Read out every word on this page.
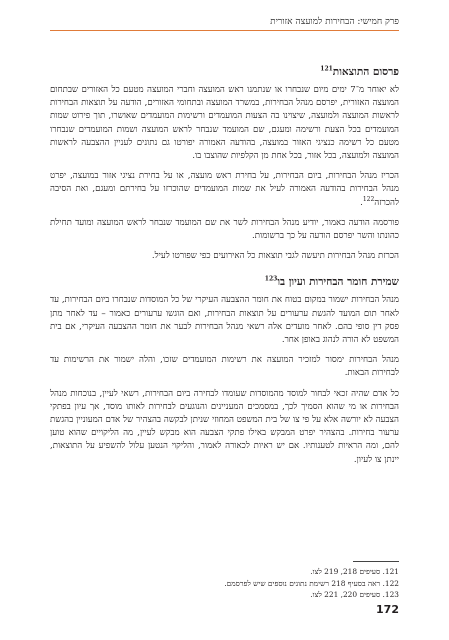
פרק חמישי: הבחירות למועצה אזורית
פרסום התוצאות$^{121}$

לא יאוחר מ־7 ימים מיום שנבחרו או שנתמנו ראש המועצה וחברי המועצה מטעם כל האזורים שבתחום המועצה האזורית, יפרסם מנהל הבחירות, במשרד המועצה ובתחומי האזורים, הודעה על תוצאות הבחירות לראשות המועצה ולמועצה, שיצוינו בה הצעות המועמדים ורשימות המועמדים שאושרו, תוך פירוט שמות המועמדים בכל הצעת ורשימה ומעגם, שם המועמד שנבחר לראש המועצה ושמות המועמדים שנבחרו מטעם כל רשימה כנציגי האזור במועצה, בהודעה האמורה יפורטו גם נתונים לעניין ההצבעה לראשות המועצה ולמועצה, בכל אזור, בכל אחת מן הקלפיות שהוצבו בו.

הכריז מנהל הבחירות, ביום הבחירות, על בחירת ראש מועצה, או על בחירת נציגי אזור במועצה, יפרט מנהל הבחירות בהודעה האמורה לעיל את שמות המועמדים שהוכרזו על בחירתם ומעגם, ואת הסיבה להכרזה$^{122}$.

פורסמה הודעה כאמור, יודיע מנהל הבחירות לשר את שם המועמד שנבחר לראש המועצה ומועד תחילת כהונתו והשר יפרסם הודעה על כך ברשומות.

הכרזת מנהל הבחירות תיעשה לגבי תוצאות כל האירועים כפי שפורטו לעיל.

שמירת חומר הבחירות ועיון בו$^{123}$

מנהל הבחירות ישמור במקום בטוח את חומר ההצבעה העיקרי של כל המוסדות שנבחרו ביום הבחירות, עד לאחר תום המועד להגשת ערעורים על תוצאות הבחירות, ואם הוגשו ערעורים כאמור – עד לאחר מתן פסק דין סופי בהם. לאחר מועדים אלה רשאי מנהל הבחירות לבער את חומר ההצבעה העיקרי, אם בית המשפט לא הורה לנהוג באופן אחר.

מנהל הבחירות ימסור למזכיר המועצה את רשימות המועמדים שזכו, והלה ישמור את הרשימות עד לבחירות הבאות.

כל אדם שהיה זכאי לבחור למוסד מהמוסדות שעומדו לבחירה ביום הבחירות, רשאי לעיין, בנוכחות מנהל הבחירות או מי שהוא הסמיך לכך, במסמכים המעניינים והנוגעים לבחירות לאותו מוסד, אך עיון בפתקי הצבעה לא יורשה אלא על פי צו של בית המשפט המחוזי שניתן לבקשה בהצהיר של אדם המעוניין בהגשת ערעור בחירות. בהצהיר יפרט המבקש באילו פתקי הצבעה הוא מבקש לעיין, מה הליקויים שהוא טוען להם, ומה הראיות לטענותיו. אם יש ראיות לכאורה לאמור, והליקוי הנטען עלול להשפיע על התוצאות, יינתן צו לעיון.

121. סעיפים 218, 219 לצו.
122. ראה בסעיף 218 רשימת נתונים נוספים שיש לפרסמם.
123. סעיפים 220, 221 לצו.
172
